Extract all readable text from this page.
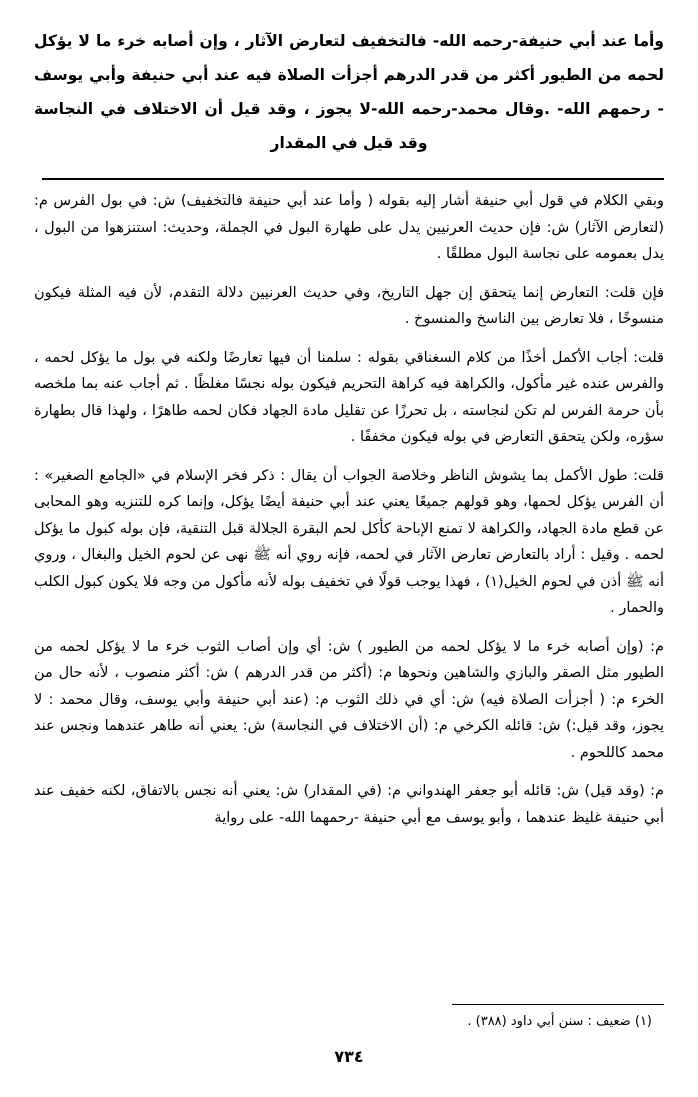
وأما عند أبي حنيفة-رحمه الله- فالتخفيف لتعارض الآثار ، وإن أصابه خرء ما لا يؤكل لحمه من الطيور أكثر من قدر الدرهم أجزأت الصلاة فيه عند أبي حنيفة وأبي يوسف - رحمهم الله- .وقال محمد-رحمه الله-لا يجوز ، وقد قيل أن الاختلاف في النجاسة وقد قيل في المقدار

وبقي الكلام في قول أبي حنيفة أشار إليه بقوله ( وأما عند أبي حنيفة فالتخفيف) ش: في بول الفرس م: (لتعارض الآثار) ش: فإن حديث العرنيين يدل على طهارة البول في الجملة، وحديث: استنزهوا من البول ، يدل بعمومه على نجاسة البول مطلقًا .

فإن قلت: التعارض إنما يتحقق إن جهل التاريخ، وفي حديث العرنيين دلالة التقدم، لأن فيه المثلة فيكون منسوخًا ، فلا تعارض بين الناسخ والمنسوخ .

قلت: أجاب الأكمل أخذًا من كلام السغناقي بقوله : سلمنا أن فيها تعارضًا ولكنه في بول ما يؤكل لحمه ، والفرس عنده غير مأكول، والكراهة فيه كراهة التحريم فيكون بوله نجسًا مغلظًا . ثم أجاب عنه بما ملخصه بأن حرمة الفرس لم تكن لنجاسته ، بل تحرزًا عن تقليل مادة الجهاد فكان لحمه طاهرًا ، ولهذا قال بطهارة سؤره، ولكن يتحقق التعارض في بوله فيكون مخففًا .

قلت: طول الأكمل بما يشوش الناظر وخلاصة الجواب أن يقال : ذكر فخر الإسلام في «الجامع الصغير» : أن الفرس يؤكل لحمها، وهو قولهم جميعًا يعني عند أبي حنيفة أيضًا يؤكل، وإنما كره للتنزيه وهو المحابى عن قطع مادة الجهاد، والكراهة لا تمنع الإباحة كأكل لحم البقرة الجلالة قبل التنقية، فإن بوله كبول ما يؤكل لحمه . وقيل : أراد بالتعارض تعارض الآثار في لحمه، فإنه روي أنه ﷺ نهى عن لحوم الخيل والبغال ، وروي أنه ﷺ أذن في لحوم الخيل(١) ، فهذا يوجب قولًا في تخفيف بوله لأنه مأكول من وجه فلا يكون كبول الكلب والحمار .

م: (وإن أصابه خرء ما لا يؤكل لحمه من الطيور ) ش: أي وإن أصاب الثوب خرء ما لا يؤكل لحمه من الطيور مثل الصقر والبازي والشاهين ونحوها م: (أكثر من قدر الدرهم ) ش: أكثر منصوب ، لأنه حال من الخرء م: ( أجزأت الصلاة فيه) ش: أي في ذلك الثوب م: (عند أبي حنيفة وأبي يوسف، وقال محمد : لا يجوز، وقد قيل:) ش: قائله الكرخي م: (أن الاختلاف في النجاسة) ش: يعني أنه طاهر عندهما ونجس عند محمد كاللحوم .

م: (وقد قيل) ش: قائله أبو جعفر الهندواني م: (في المقدار) ش: يعني أنه نجس بالاتفاق، لكنه خفيف عند أبي حنيفة غليظ عندهما ، وأبو يوسف مع أبي حنيفة -رحمهما الله- على رواية

(١) ضعيف : سنن أبي داود (٣٨٨) .
٧٣٤
